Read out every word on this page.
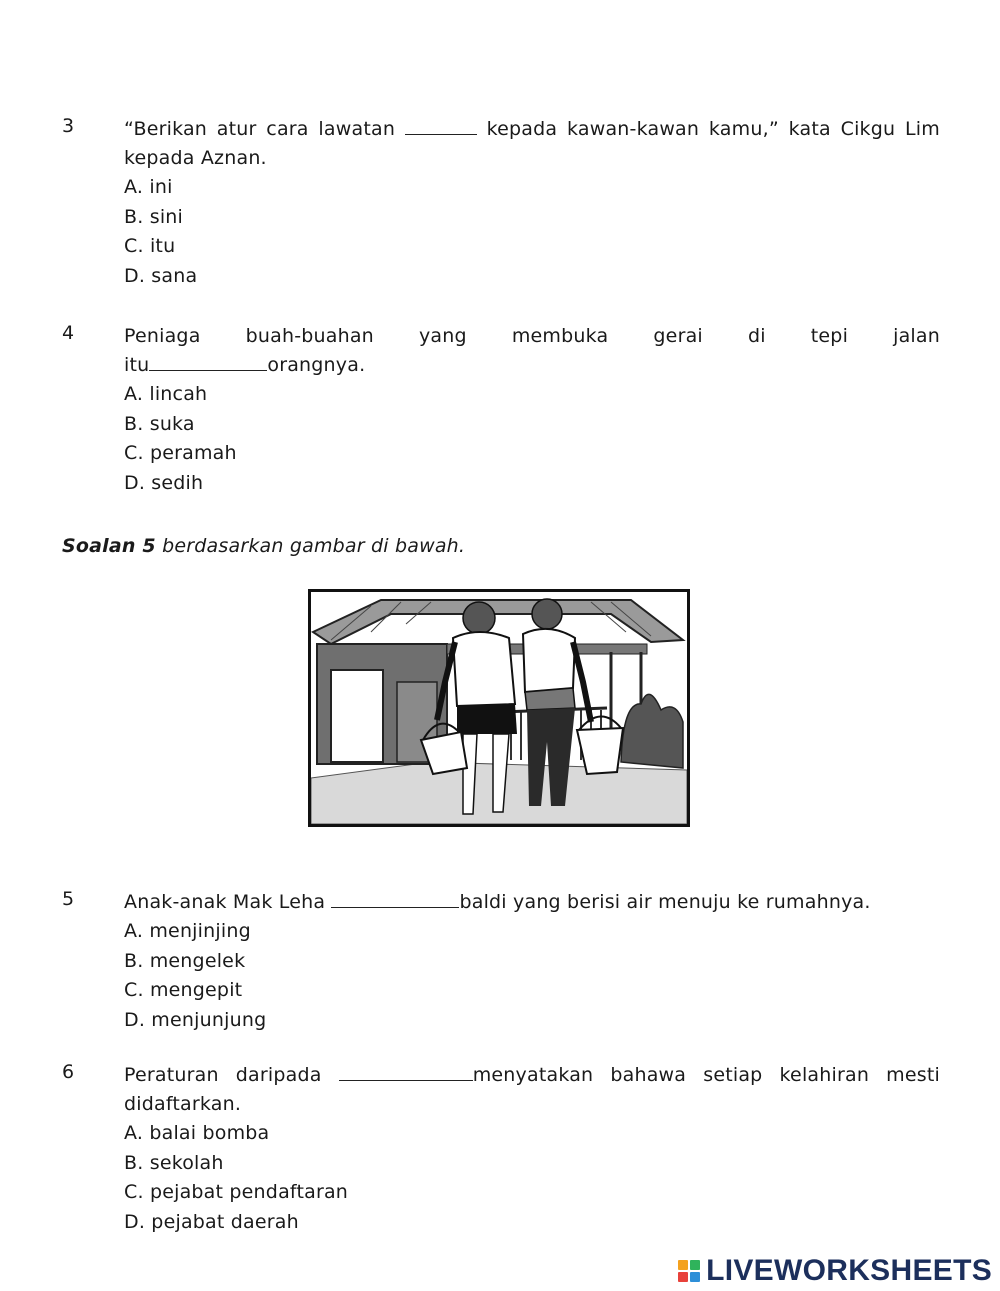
3	“Berikan atur cara lawatan	kepada kawan-kawan kamu,” kata Cikgu Lim kepada Aznan.
A. ini
B. sini
C. itu
D. sana
4	Peniaga buah-buahan yang membuka gerai di tepi jalan
itu	orangnya.
A. lincah
B. suka
C. peramah
D. sedih
Soalan 5 berdasarkan gambar di bawah.
5	Anak-anak Mak Leha	baldi yang berisi air menuju ke rumahnya.
A. menjinjing
B. mengelek
C. mengepit
D. menjunjung
6	Peraturan daripada	menyatakan bahawa setiap kelahiran mesti didaftarkan.
A. balai bomba
B. sekolah
C. pejabat pendaftaran
D. pejabat daerah
LIVEWORKSHEETS
